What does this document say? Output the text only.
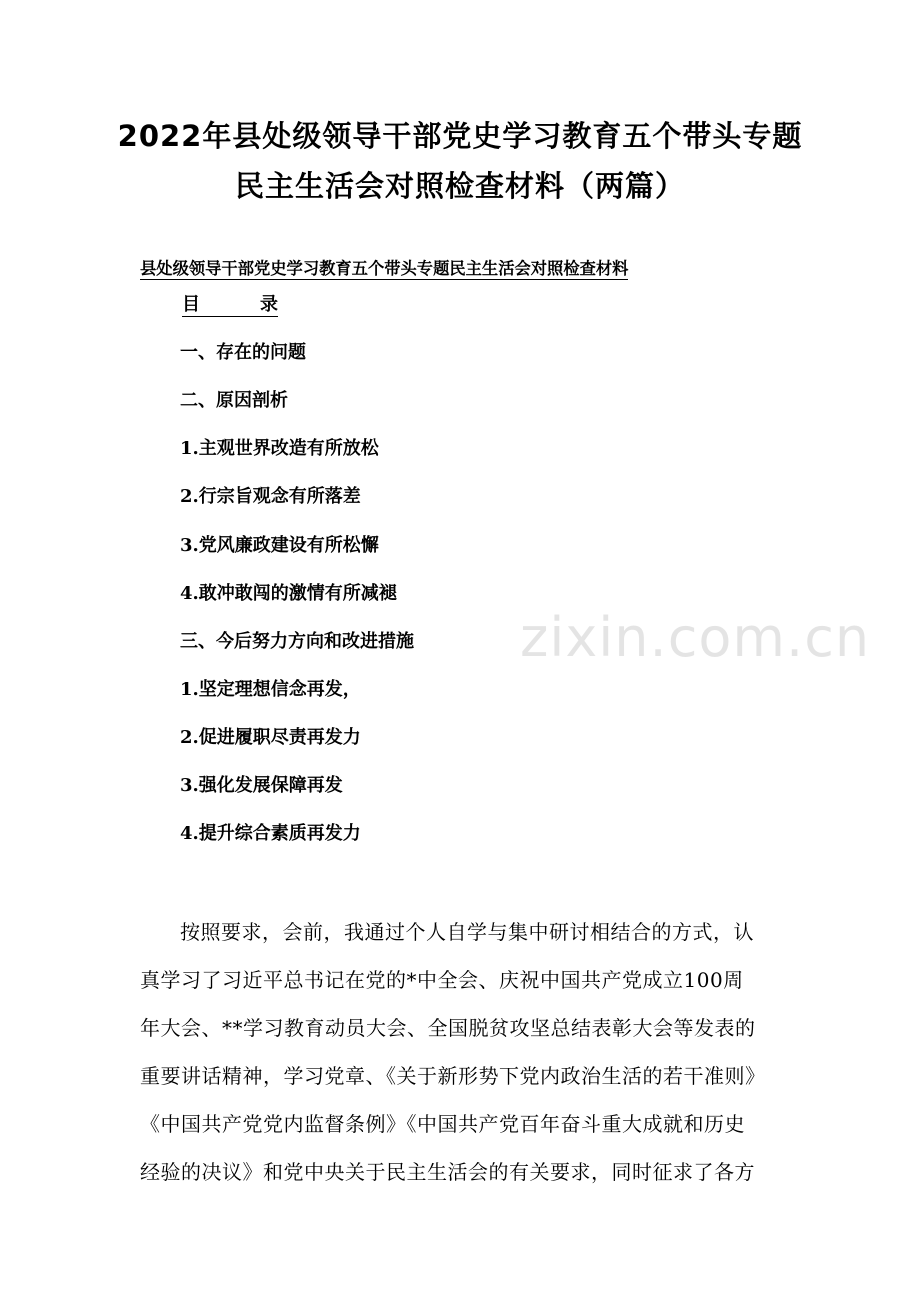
2022年县处级领导干部党史学习教育五个带头专题
民主生活会对照检查材料（两篇）
县处级领导干部党史学习教育五个带头专题民主生活会对照检查材料
目	录
一、存在的问题
二、原因剖析
1.主观世界改造有所放松
2.行宗旨观念有所落差
3.党风廉政建设有所松懈
4.敢冲敢闯的激情有所减褪
三、今后努力方向和改进措施
1.坚定理想信念再发，
2.促进履职尽责再发力
3.强化发展保障再发
4.提升综合素质再发力
按照要求，会前，我通过个人自学与集中研讨相结合的方式，认
真学习了习近平总书记在党的*中全会、庆祝中国共产党成立100周
年大会、**学习教育动员大会、全国脱贫攻坚总结表彰大会等发表的
重要讲话精神，学习党章、《关于新形势下党内政治生活的若干准则》
《中国共产党党内监督条例》《中国共产党百年奋斗重大成就和历史
经验的决议》和党中央关于民主生活会的有关要求，同时征求了各方
zixin.com.cn
